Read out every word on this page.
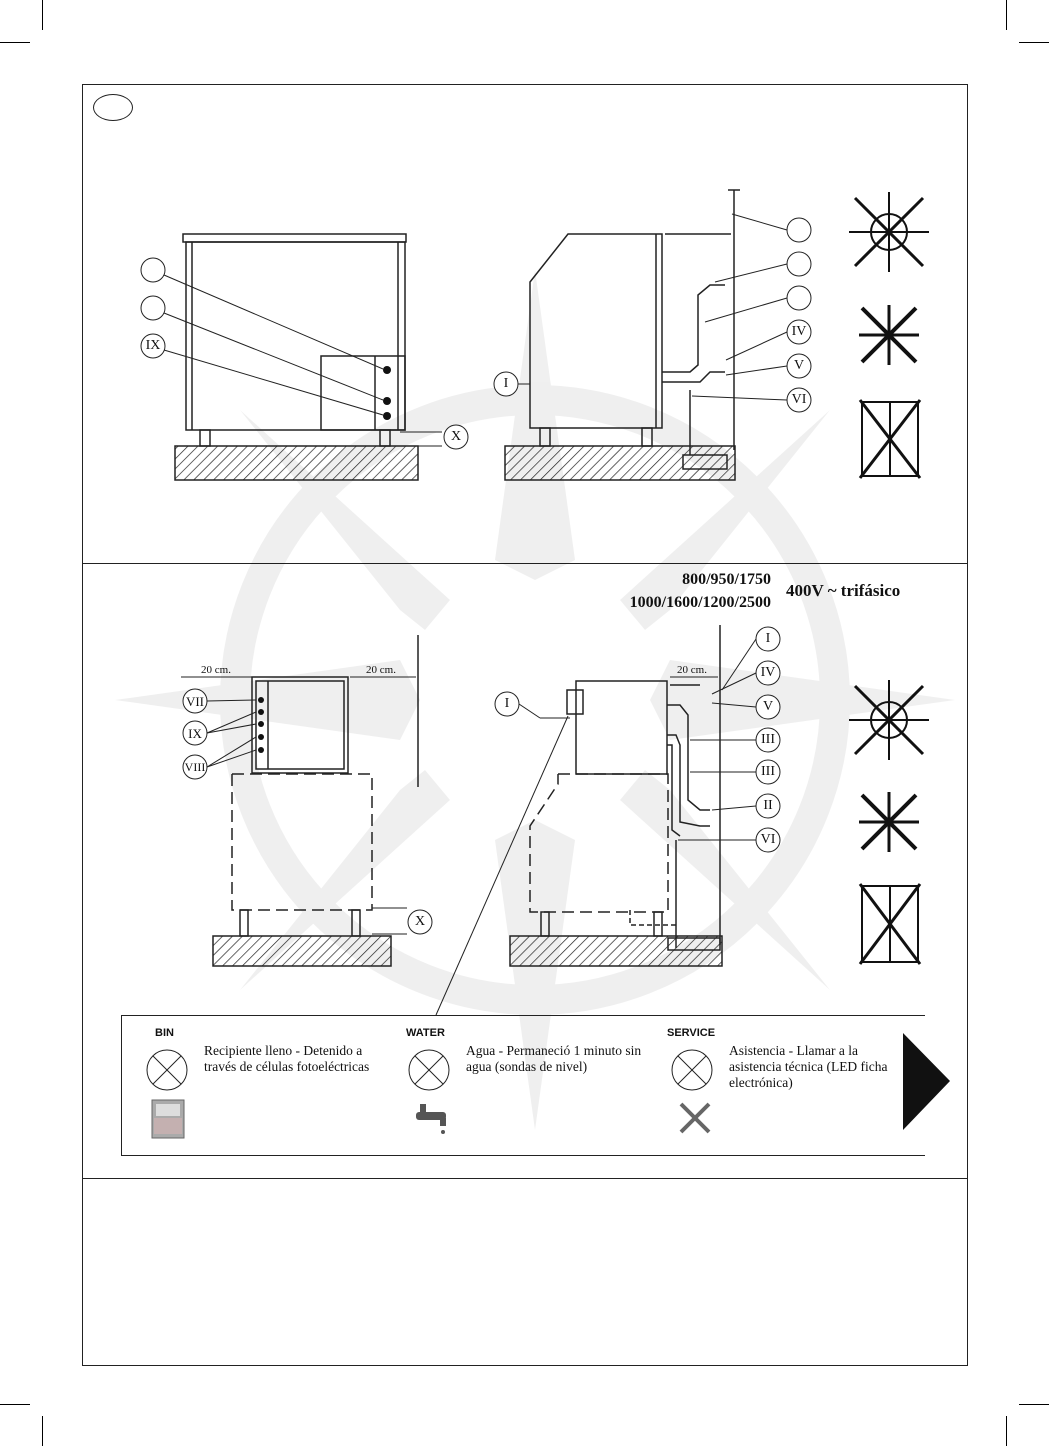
800/950/1750
1000/1600/1200/2500
400V ~ trifásico
IX
X
I
IV
V
VI
20 cm.	20 cm.	20 cm.
VII
IX
VIII
X
I
I
IV
V
III
III
II
VI
BIN
Recipiente lleno - Detenido a través de células fotoeléctricas
WATER
Agua - Permaneció 1 minuto sin agua (sondas de nivel)
SERVICE
Asistencia - Llamar a la asistencia técnica (LED ficha electrónica)
